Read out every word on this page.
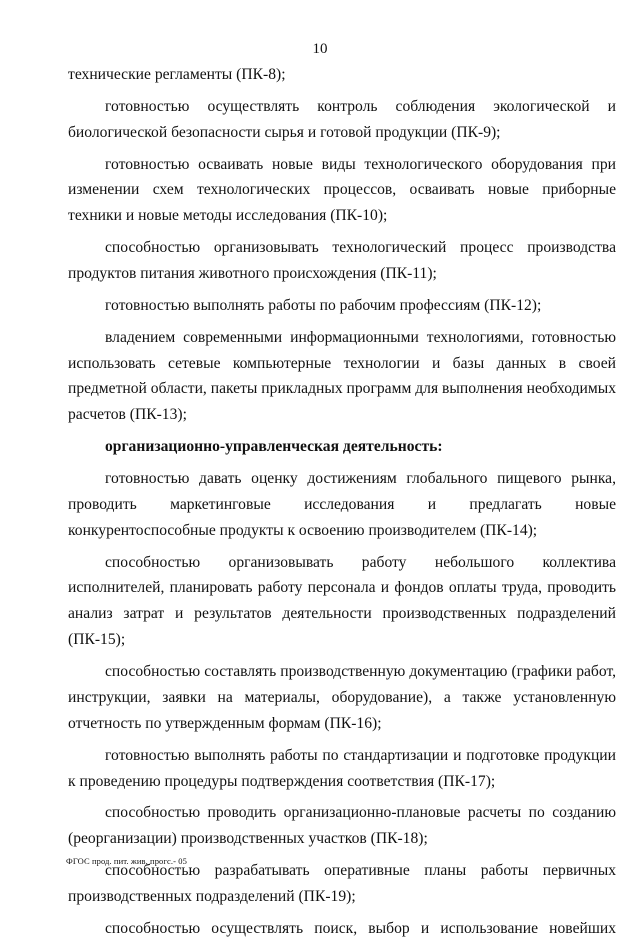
10

технические регламенты (ПК-8);

готовностью осуществлять контроль соблюдения экологической и биологической безопасности сырья и готовой продукции (ПК-9);

готовностью осваивать новые виды технологического оборудования при изменении схем технологических процессов, осваивать новые приборные техники и новые методы исследования (ПК-10);

способностью организовывать технологический процесс производства продуктов питания животного происхождения (ПК-11);

готовностью выполнять работы по рабочим профессиям (ПК-12);

владением современными информационными технологиями, готовностью использовать сетевые компьютерные технологии и базы данных в своей предметной области, пакеты прикладных программ для выполнения необходимых расчетов (ПК-13);

организационно-управленческая деятельность:

готовностью давать оценку достижениям глобального пищевого рынка, проводить маркетинговые исследования и предлагать новые конкурентоспособные продукты к освоению производителем (ПК-14);

способностью организовывать работу небольшого коллектива исполнителей, планировать работу персонала и фондов оплаты труда, проводить анализ затрат и результатов деятельности производственных подразделений (ПК-15);

способностью составлять производственную документацию (графики работ, инструкции, заявки на материалы, оборудование), а также установленную отчетность по утвержденным формам (ПК-16);

готовностью выполнять работы по стандартизации и подготовке продукции к проведению процедуры подтверждения соответствия (ПК-17);

способностью проводить организационно-плановые расчеты по созданию (реорганизации) производственных участков (ПК-18);

способностью разрабатывать оперативные планы работы первичных производственных подразделений (ПК-19);

способностью осуществлять поиск, выбор и использование новейших

ФГОС прод. пит. жив. прогс.- 05
